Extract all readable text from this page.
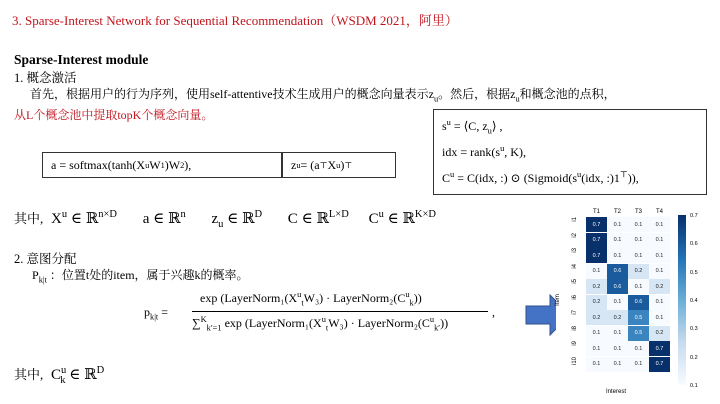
3. Sparse-Interest Network for Sequential Recommendation（WSDM 2021，阿里）
Sparse-Interest module
1. 概念激活
首先，根据用户的行为序列，使用self-attentive技术生成用户的概念向量表示$z_u$。然后，根据$z_u$和概念池的点积，
从L个概念池中提取topK个概念向量。
a = softmax(tanh(X u W 1 )W 2 ),	z u = (a ⊤ X u ) ⊤
$s^u$ = ⟨C, $z_u⟩$ ,
idx = $rank(s^u$, K),
$C^u = C(idx$, :) ⊙ ($Sigmoid(s^u(idx$, :)1⊤)),
其中, $X^u$ ∈ ℝ$^{n\times D}$ a ∈ ℝ$^n$ $z_u$ ∈ ℝ$^D$ C ∈ ℝ$^{L\times D}$ $C^u$ ∈ ℝ$^{K\times D}$
2. 意图分配
$P_{k|t}$ ：位置t处的item，属于兴趣k的概率。
$p_{k|t}$ =
$\exp (LayerNorm_1(X^u_tW_3)$ · $LayerNorm_2(C^u_k)$)
∑$^K_{k'=1}$ $\exp (LayerNorm_1(X^u_tW_3)$ · $LayerNorm_2(C^u_{k'})$)
,
其中, $C^u_k$ ∈ ℝ$^D$
T1	T2	T3	T4
i1
0.7	0.1	0.1	0.1
i2
0.7	0.1	0.1	0.1
i3
0.7	0.1	0.1	0.1
i4
0.1	0.6	0.2	0.1
i5
0.2	0.6	0.1	0.2
i6
0.2	0.1	0.6	0.1
i7
0.2	0.2	0.5	0.1
i8
0.1	0.1	0.5	0.2
i9
0.1	0.1	0.1	0.7
i10	0.1	0.1	0.1	0.7
0.7
0.6
0.5
0.4
0.3
0.2
0.1
Interest
Item
